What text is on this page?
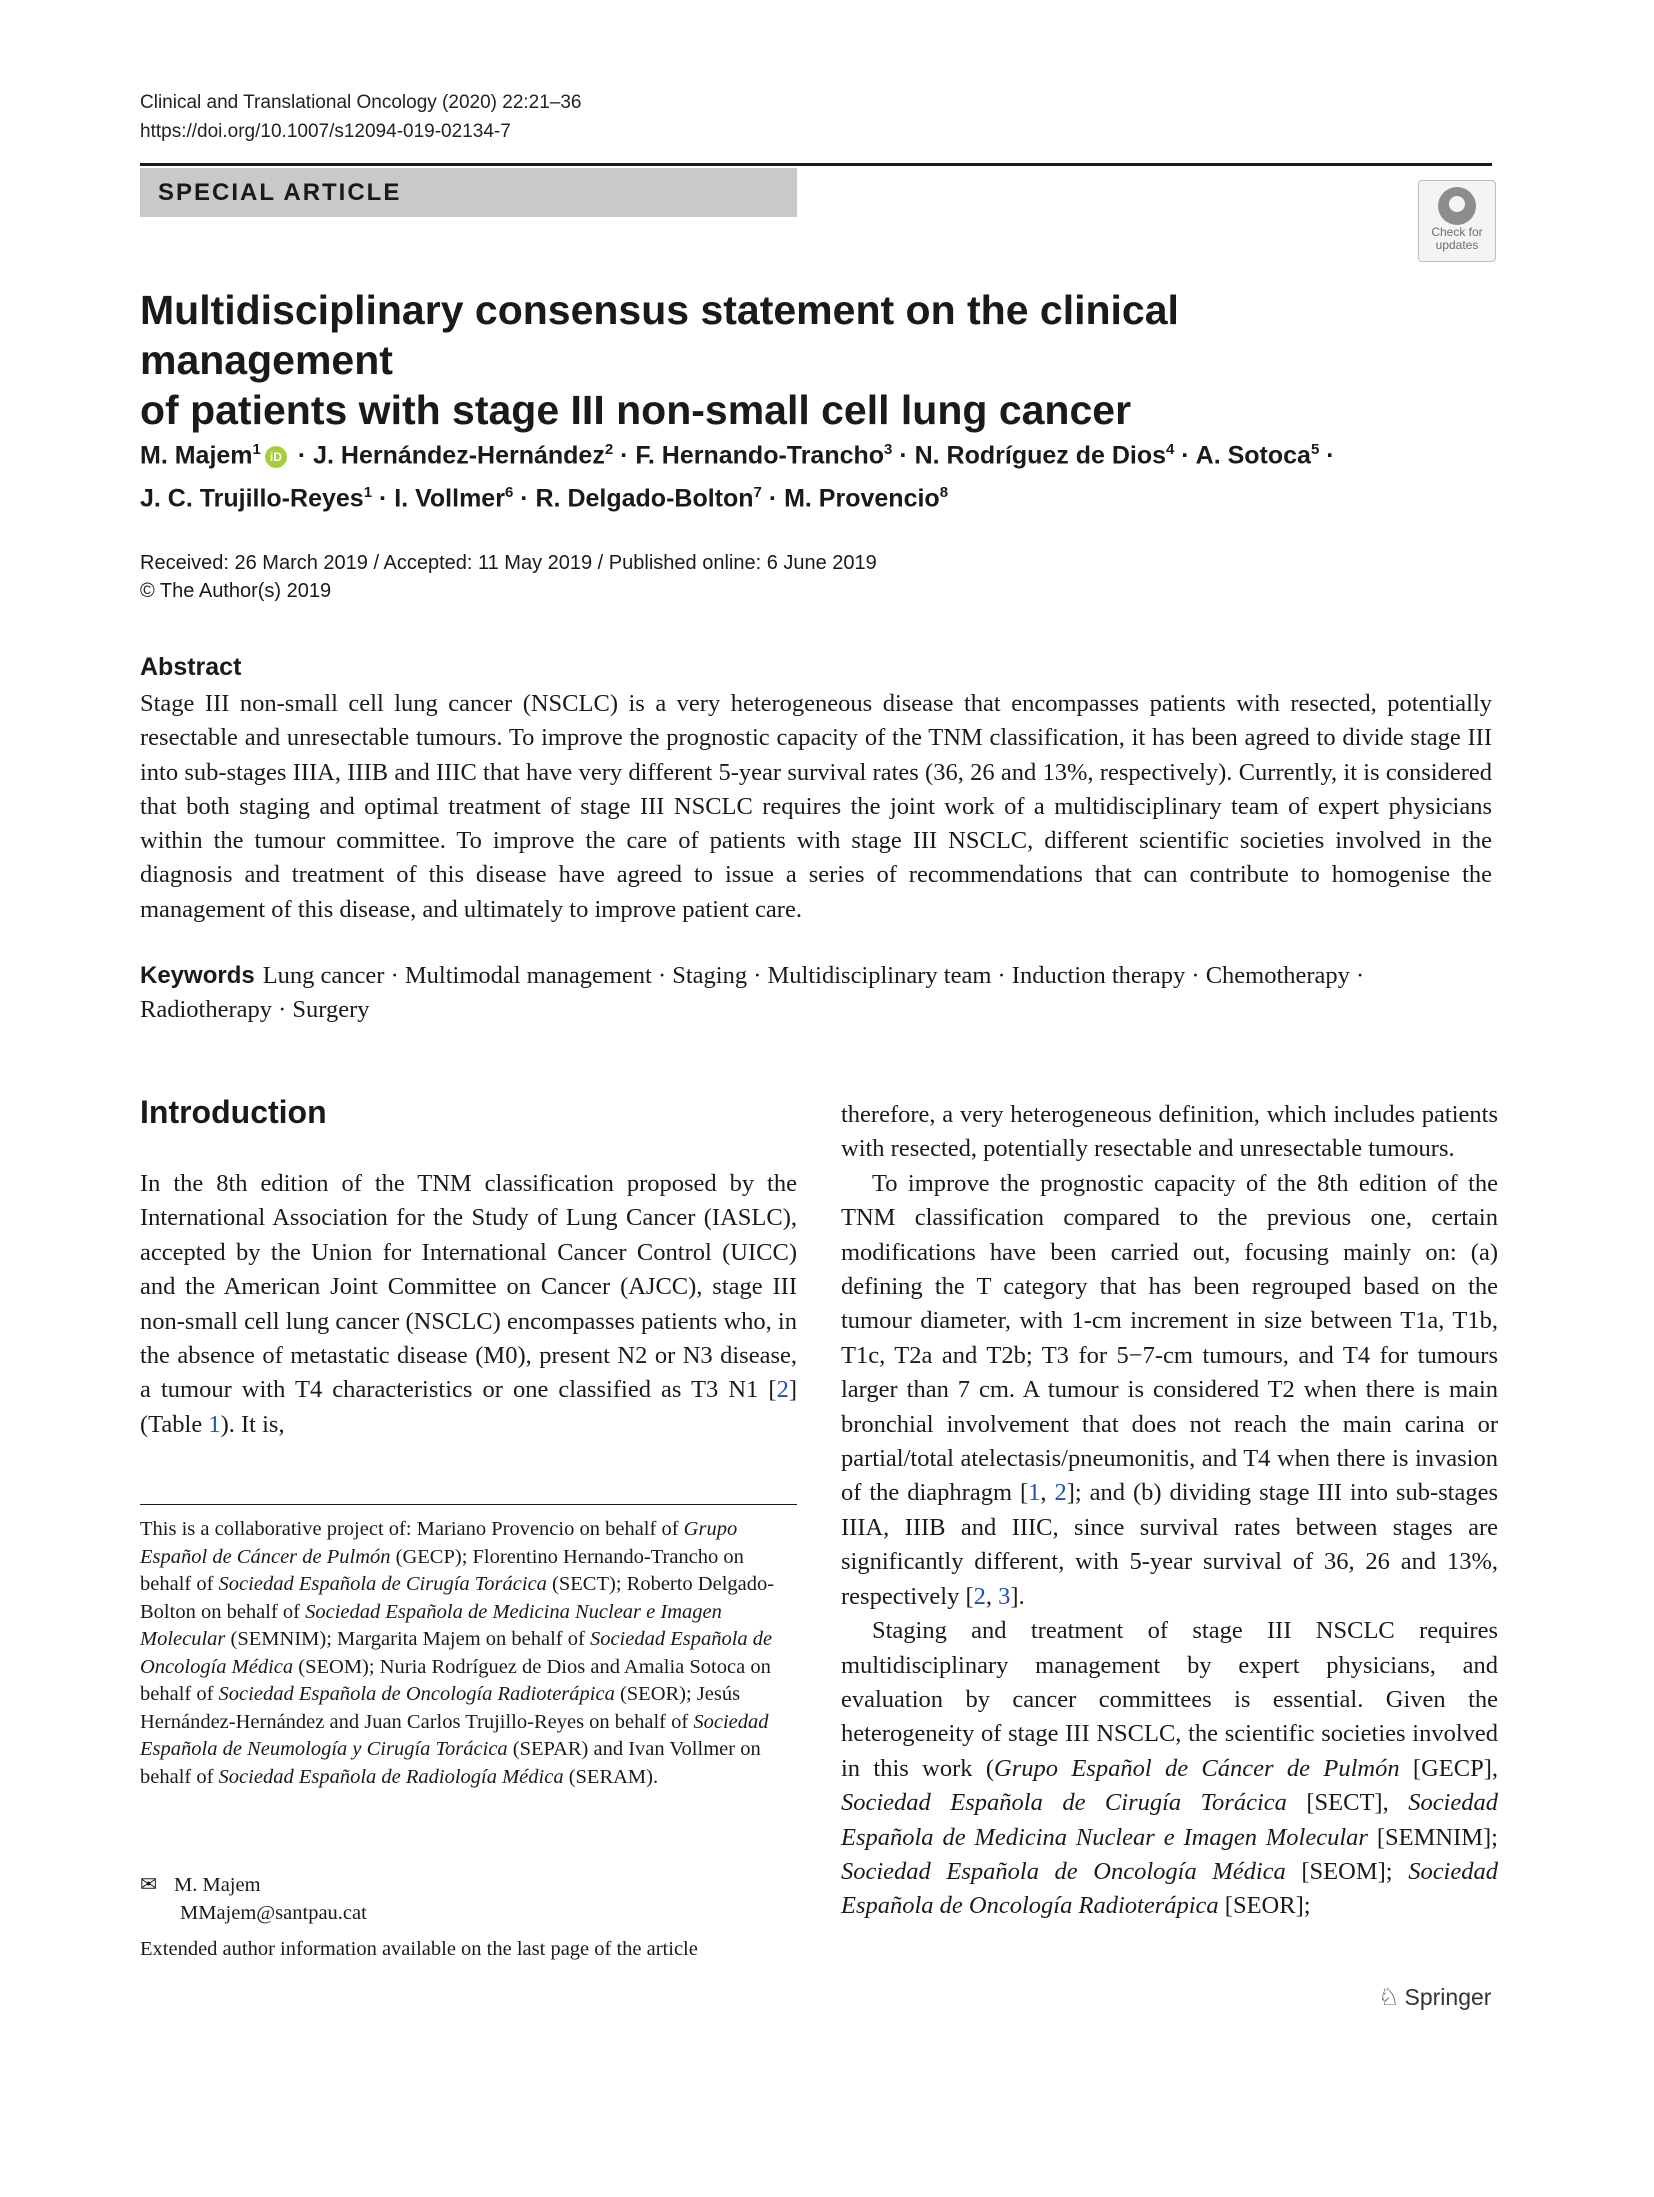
Clinical and Translational Oncology (2020) 22:21–36
https://doi.org/10.1007/s12094-019-02134-7
SPECIAL ARTICLE
Check for
updates
Multidisciplinary consensus statement on the clinical management
of patients with stage III non-small cell lung cancer
M. Majem$^1$ iD · J. Hernández-Hernández$^2$ · F. Hernando-Trancho$^3$ · N. Rodríguez de Dios$^4$ · A. Sotoca$^5$ ·
J. C. Trujillo-Reyes$^1$ · I. Vollmer$^6$ · R. Delgado-Bolton$^7$ · M. Provencio$^8$
Received: 26 March 2019 / Accepted: 11 May 2019 / Published online: 6 June 2019
© The Author(s) 2019
Abstract
Stage III non-small cell lung cancer (NSCLC) is a very heterogeneous disease that encompasses patients with resected, potentially resectable and unresectable tumours. To improve the prognostic capacity of the TNM classification, it has been agreed to divide stage III into sub-stages IIIA, IIIB and IIIC that have very different 5-year survival rates (36, 26 and 13%, respectively). Currently, it is considered that both staging and optimal treatment of stage III NSCLC requires the joint work of a multidisciplinary team of expert physicians within the tumour committee. To improve the care of patients with stage III NSCLC, different scientific societies involved in the diagnosis and treatment of this disease have agreed to issue a series of recommendations that can contribute to homogenise the management of this disease, and ultimately to improve patient care.
Keywords Lung cancer · Multimodal management · Staging · Multidisciplinary team · Induction therapy · Chemotherapy · Radiotherapy · Surgery
Introduction

In the 8th edition of the TNM classification proposed by the International Association for the Study of Lung Cancer (IASLC), accepted by the Union for International Cancer Control (UICC) and the American Joint Committee on Cancer (AJCC), stage III non-small cell lung cancer (NSCLC) encompasses patients who, in the absence of metastatic disease (M0), present N2 or N3 disease, a tumour with T4 characteristics or one classified as T3 N1 [2] (Table 1). It is,

therefore, a very heterogeneous definition, which includes patients with resected, potentially resectable and unresectable tumours.

To improve the prognostic capacity of the 8th edition of the TNM classification compared to the previous one, certain modifications have been carried out, focusing mainly on: (a) defining the T category that has been regrouped based on the tumour diameter, with 1-cm increment in size between T1a, T1b, T1c, T2a and T2b; T3 for 5−7-cm tumours, and T4 for tumours larger than 7 cm. A tumour is considered T2 when there is main bronchial involvement that does not reach the main carina or partial/total atelectasis/pneumonitis, and T4 when there is invasion of the diaphragm [1, 2]; and (b) dividing stage III into sub-stages IIIA, IIIB and IIIC, since survival rates between stages are significantly different, with 5-year survival of 36, 26 and 13%, respectively [2, 3].

Staging and treatment of stage III NSCLC requires multidisciplinary management by expert physicians, and evaluation by cancer committees is essential. Given the heterogeneity of stage III NSCLC, the scientific societies involved in this work (Grupo Español de Cáncer de Pulmón [GECP], Sociedad Española de Cirugía Torácica [SECT], Sociedad Española de Medicina Nuclear e Imagen Molecular [SEMNIM]; Sociedad Española de Oncología Médica [SEOM]; Sociedad Española de Oncología Radioterápica [SEOR];

This is a collaborative project of: Mariano Provencio on behalf of Grupo Español de Cáncer de Pulmón (GECP); Florentino Hernando-Trancho on behalf of Sociedad Española de Cirugía Torácica (SECT); Roberto Delgado-Bolton on behalf of Sociedad Española de Medicina Nuclear e Imagen Molecular (SEMNIM); Margarita Majem on behalf of Sociedad Española de Oncología Médica (SEOM); Nuria Rodríguez de Dios and Amalia Sotoca on behalf of Sociedad Española de Oncología Radioterápica (SEOR); Jesús Hernández-Hernández and Juan Carlos Trujillo-Reyes on behalf of Sociedad Española de Neumología y Cirugía Torácica (SEPAR) and Ivan Vollmer on behalf of Sociedad Española de Radiología Médica (SERAM).
✉ M. Majem
MMajem@santpau.cat
Extended author information available on the last page of the article
♘ Springer
